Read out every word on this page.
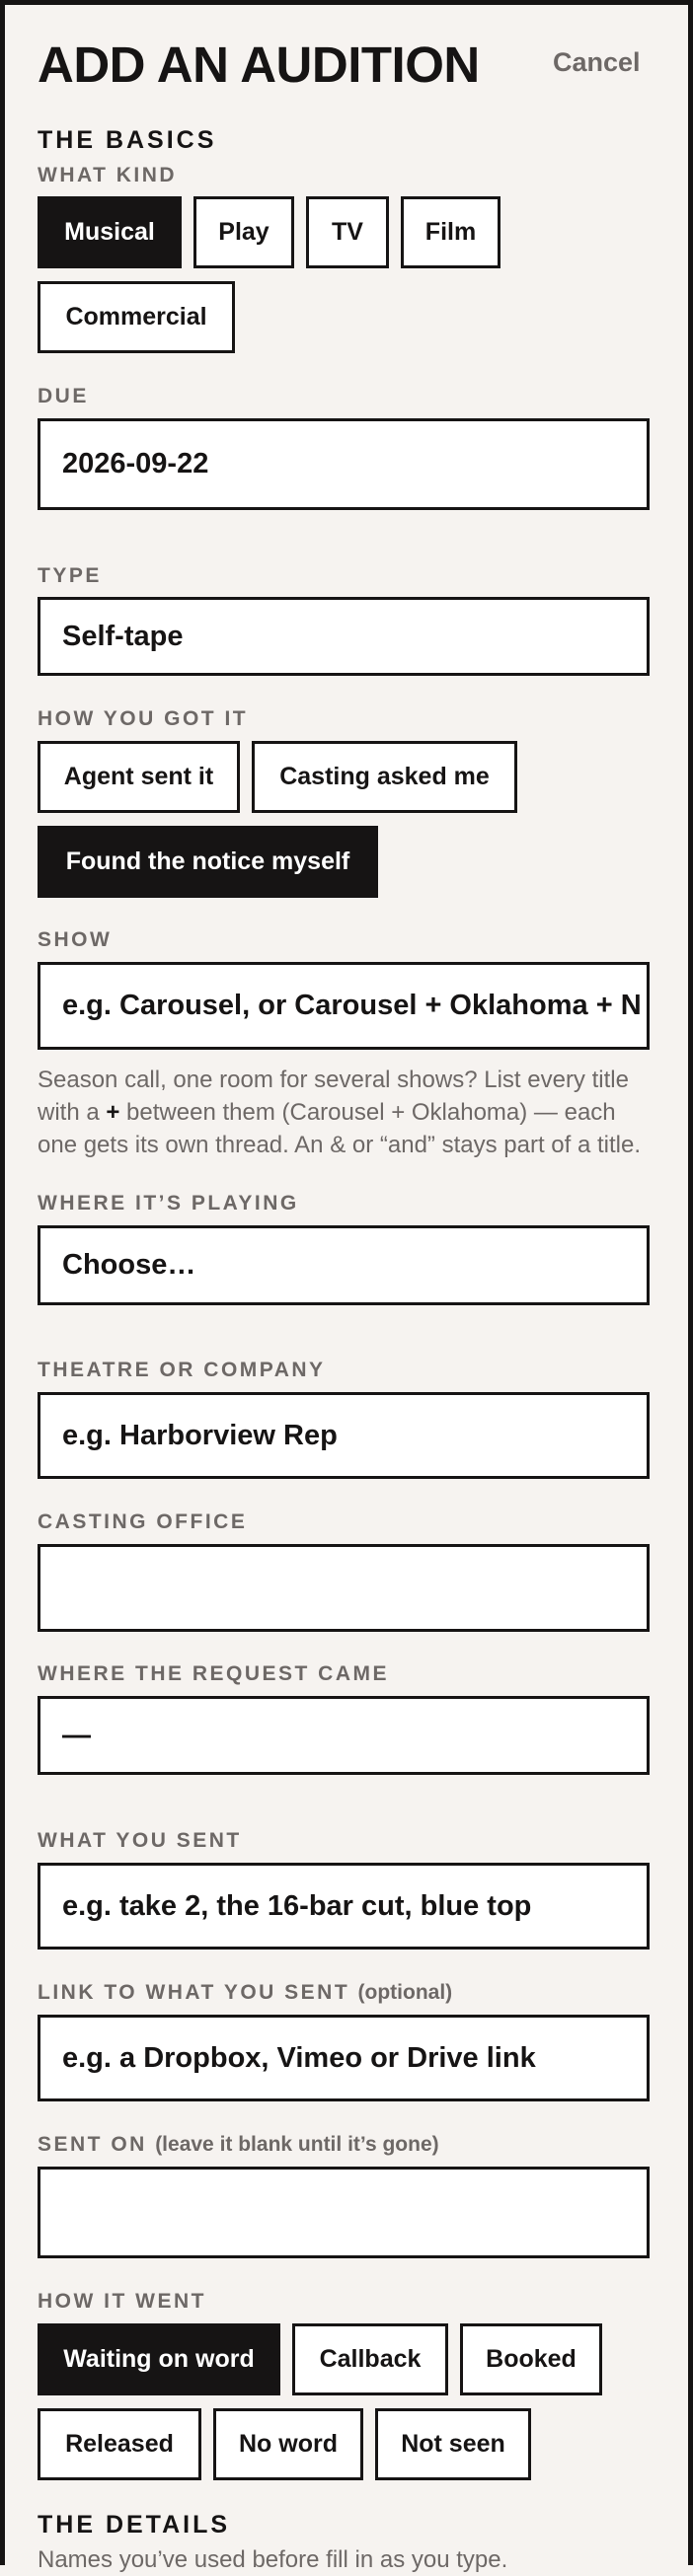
ADD AN AUDITION	Cancel
THE BASICS
WHAT KIND
Musical	Play	TV	Film
Commercial
DUE
2026-09-22
TYPE
Self-tape
HOW YOU GOT IT
Agent sent it	Casting asked me
Found the notice myself
SHOW
e.g. Carousel, or Carousel + Oklahoma + N
Season call, one room for several shows? List every title with a + between them (Carousel + Oklahoma) — each one gets its own thread. An & or “and” stays part of a title.
WHERE IT’S PLAYING
Choose…
THEATRE OR COMPANY
e.g. Harborview Rep
CASTING OFFICE
WHERE THE REQUEST CAME
—
WHAT YOU SENT
e.g. take 2, the 16-bar cut, blue top
LINK TO WHAT YOU SENT (optional)
e.g. a Dropbox, Vimeo or Drive link
SENT ON (leave it blank until it’s gone)
HOW IT WENT
Waiting on word	Callback	Booked
Released	No word	Not seen
THE DETAILS
Names you’ve used before fill in as you type.
